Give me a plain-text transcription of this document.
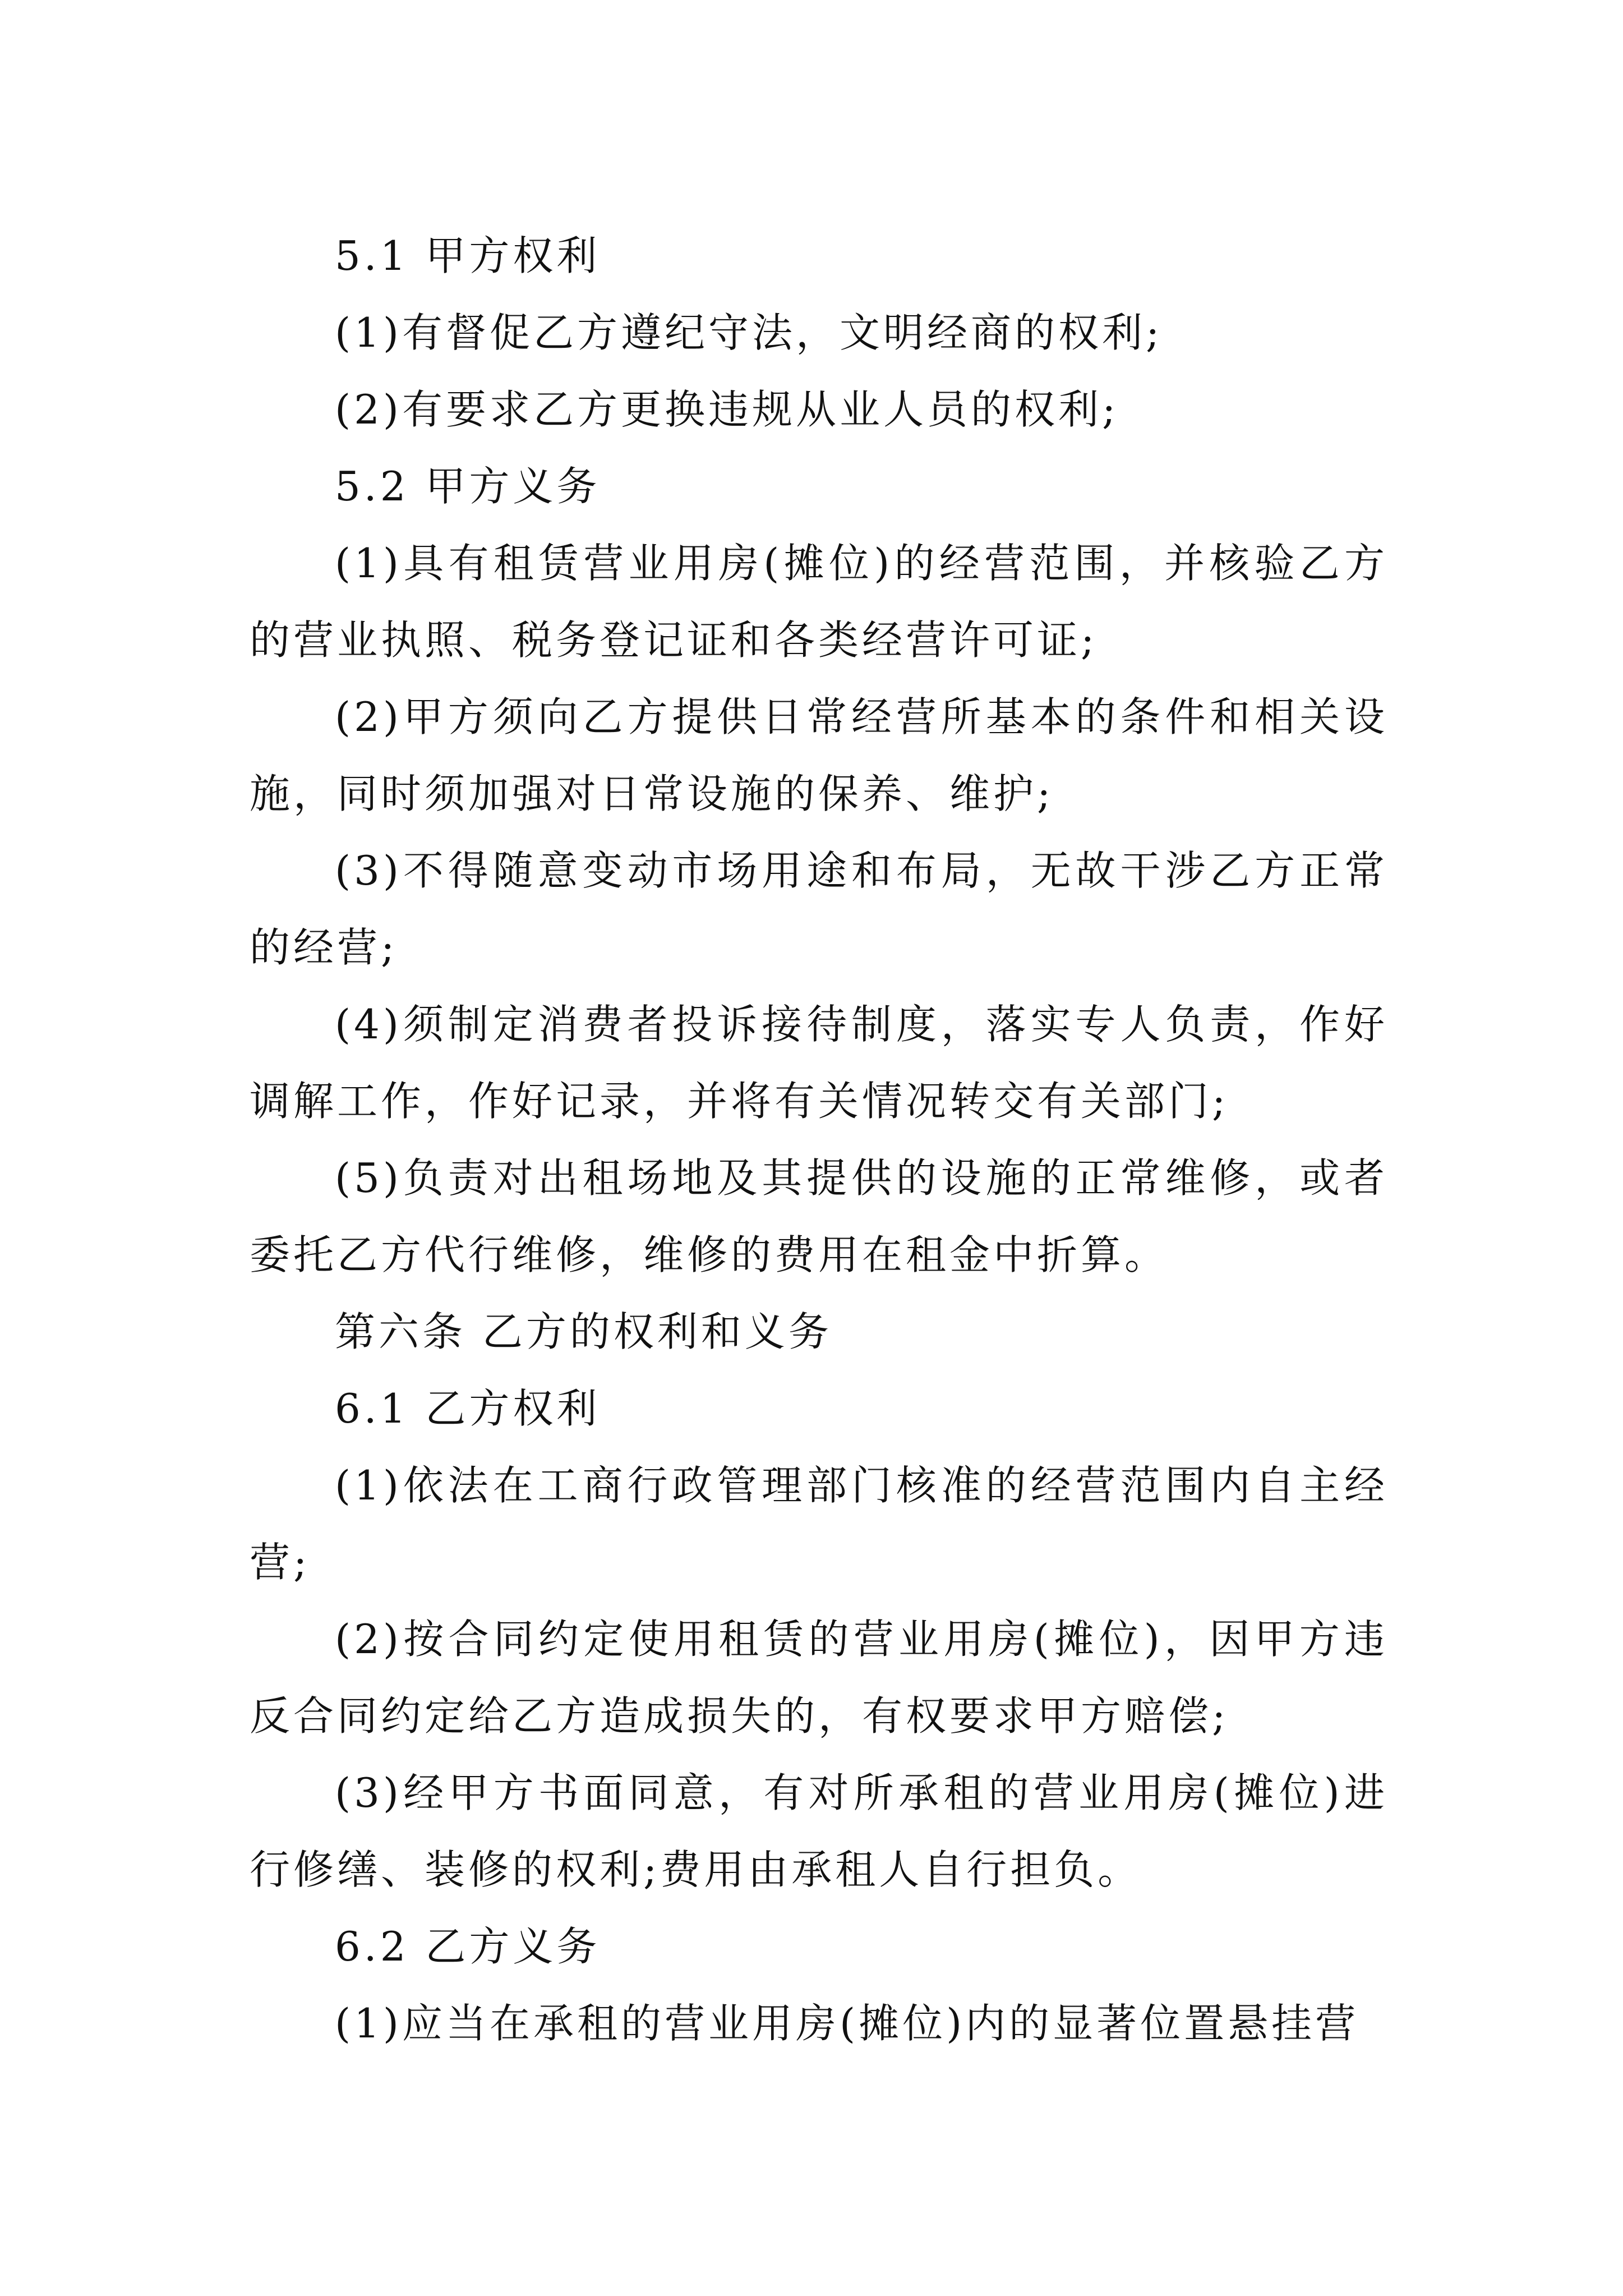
5.1 甲方权利

(1)有督促乙方遵纪守法，文明经商的权利;

(2)有要求乙方更换违规从业人员的权利;

5.2 甲方义务

(1)具有租赁营业用房(摊位)的经营范围，并核验乙方的营业执照、税务登记证和各类经营许可证;

(2)甲方须向乙方提供日常经营所基本的条件和相关设施，同时须加强对日常设施的保养、维护;

(3)不得随意变动市场用途和布局，无故干涉乙方正常的经营;

(4)须制定消费者投诉接待制度，落实专人负责，作好调解工作，作好记录，并将有关情况转交有关部门;

(5)负责对出租场地及其提供的设施的正常维修，或者委托乙方代行维修，维修的费用在租金中折算。

第六条 乙方的权利和义务

6.1 乙方权利

(1)依法在工商行政管理部门核准的经营范围内自主经营;

(2)按合同约定使用租赁的营业用房(摊位)，因甲方违反合同约定给乙方造成损失的，有权要求甲方赔偿;

(3)经甲方书面同意，有对所承租的营业用房(摊位)进行修缮、装修的权利;费用由承租人自行担负。

6.2 乙方义务

(1)应当在承租的营业用房(摊位)内的显著位置悬挂营
